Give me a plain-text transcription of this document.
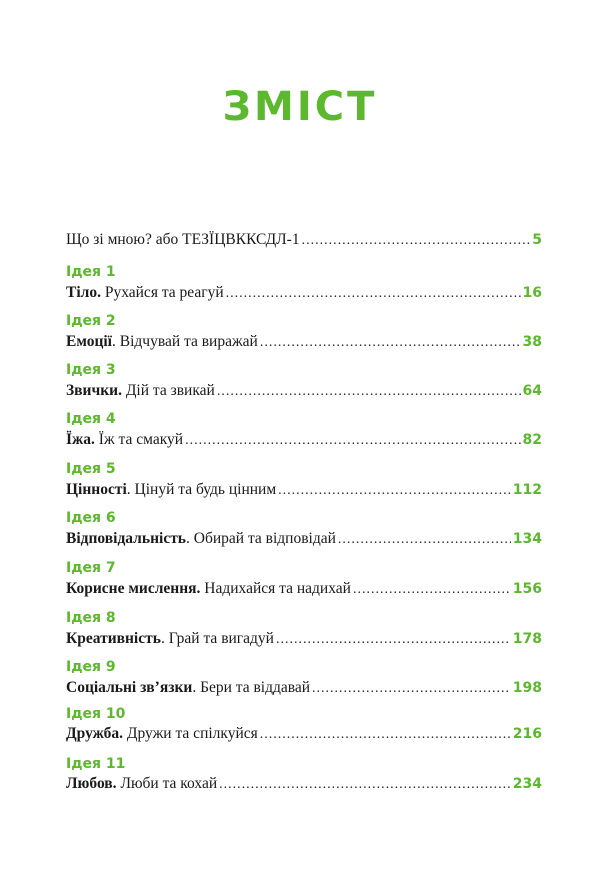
ЗМІСТ
Що зі мною? або ТЕЗЇЦВККСДЛ-1 .....	5
Ідея 1
Тіло. Рухайся та реагуй .....	16
Ідея 2
Емоції. Відчувай та виражай .....	38
Ідея 3
Звички. Дій та звикай .....	64
Ідея 4
Їжа. Їж та смакуй .....	82
Ідея 5
Цінності. Цінуй та будь цінним .....	112
Ідея 6
Відповідальність. Обирай та відповідай .....	134
Ідея 7
Корисне мислення. Надихайся та надихай .....	156
Ідея 8
Креативність. Грай та вигадуй .....	178
Ідея 9
Соціальні зв’язки. Бери та віддавай .....	198
Ідея 10
Дружба. Дружи та спілкуйся .....	216
Ідея 11
Любов. Люби та кохай .....	234
